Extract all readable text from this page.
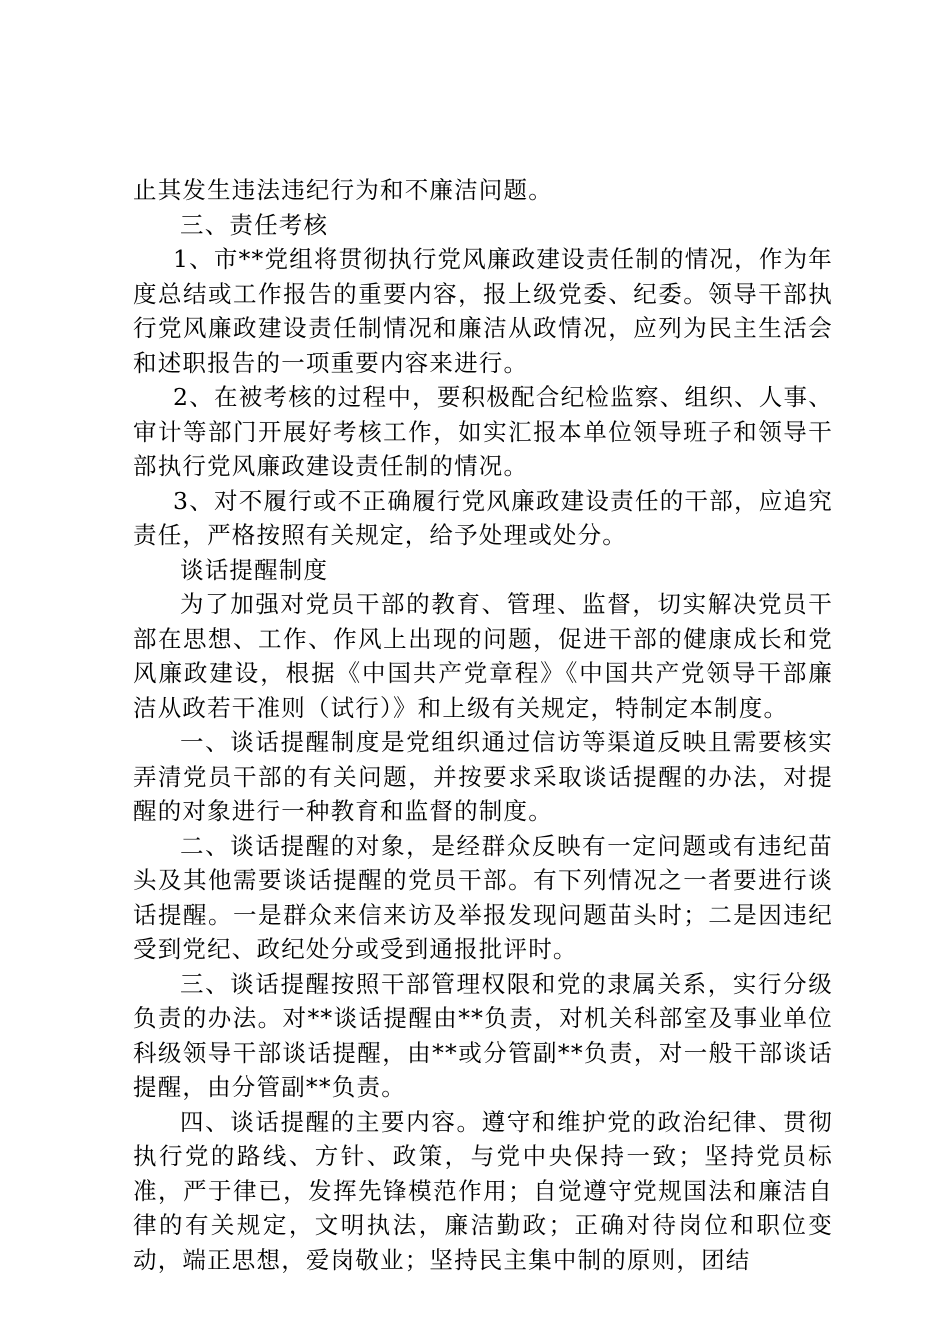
止其发生违法违纪行为和不廉洁问题。

三、责任考核

1、市**党组将贯彻执行党风廉政建设责任制的情况，作为年度总结或工作报告的重要内容，报上级党委、纪委。领导干部执行党风廉政建设责任制情况和廉洁从政情况，应列为民主生活会和述职报告的一项重要内容来进行。

2、在被考核的过程中，要积极配合纪检监察、组织、人事、审计等部门开展好考核工作，如实汇报本单位领导班子和领导干部执行党风廉政建设责任制的情况。

3、对不履行或不正确履行党风廉政建设责任的干部，应追究责任，严格按照有关规定，给予处理或处分。

谈话提醒制度

为了加强对党员干部的教育、管理、监督，切实解决党员干部在思想、工作、作风上出现的问题，促进干部的健康成长和党风廉政建设，根据《中国共产党章程》《中国共产党领导干部廉洁从政若干准则（试行）》和上级有关规定，特制定本制度。

一、谈话提醒制度是党组织通过信访等渠道反映且需要核实弄清党员干部的有关问题，并按要求采取谈话提醒的办法，对提醒的对象进行一种教育和监督的制度。

二、谈话提醒的对象，是经群众反映有一定问题或有违纪苗头及其他需要谈话提醒的党员干部。有下列情况之一者要进行谈话提醒。一是群众来信来访及举报发现问题苗头时；二是因违纪受到党纪、政纪处分或受到通报批评时。

三、谈话提醒按照干部管理权限和党的隶属关系，实行分级负责的办法。对**谈话提醒由**负责，对机关科部室及事业单位科级领导干部谈话提醒，由**或分管副**负责，对一般干部谈话提醒，由分管副**负责。

四、谈话提醒的主要内容。遵守和维护党的政治纪律、贯彻执行党的路线、方针、政策，与党中央保持一致；坚持党员标准，严于律已，发挥先锋模范作用；自觉遵守党规国法和廉洁自律的有关规定，文明执法，廉洁勤政；正确对待岗位和职位变动，端正思想，爱岗敬业；坚持民主集中制的原则，团结
